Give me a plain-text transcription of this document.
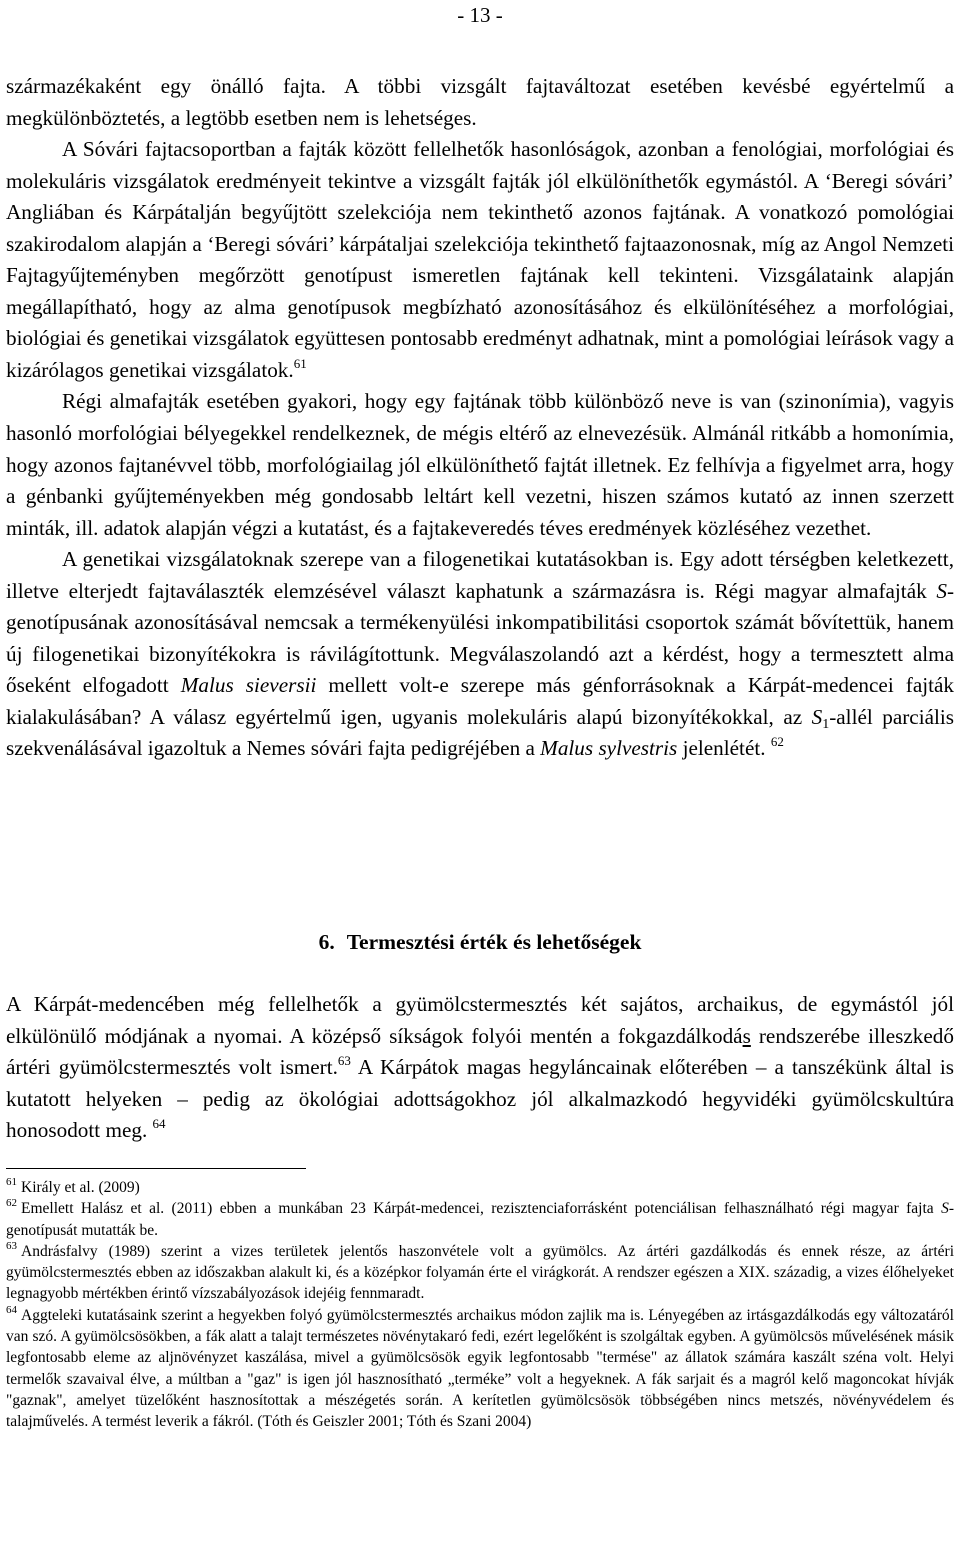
- 13 -

származékaként egy önálló fajta. A többi vizsgált fajtaváltozat esetében kevésbé egyértelmű a megkülönböztetés, a legtöbb esetben nem is lehetséges.

A Sóvári fajtacsoportban a fajták között fellelhetők hasonlóságok, azonban a fenológiai, morfológiai és molekuláris vizsgálatok eredményeit tekintve a vizsgált fajták jól elkülöníthetők egymástól. A ‘Beregi sóvári’ Angliában és Kárpátalján begyűjtött szelekciója nem tekinthető azonos fajtának. A vonatkozó pomológiai szakirodalom alapján a ‘Beregi sóvári’ kárpátaljai szelekciója tekinthető fajtaazonosnak, míg az Angol Nemzeti Fajtagyűjteményben megőrzött genotípust ismeretlen fajtának kell tekinteni. Vizsgálataink alapján megállapítható, hogy az alma genotípusok megbízható azonosításához és elkülönítéséhez a morfológiai, biológiai és genetikai vizsgálatok együttesen pontosabb eredményt adhatnak, mint a pomológiai leírások vagy a kizárólagos genetikai vizsgálatok.$^{61}$

Régi almafajták esetében gyakori, hogy egy fajtának több különböző neve is van (szinonímia), vagyis hasonló morfológiai bélyegekkel rendelkeznek, de mégis eltérő az elnevezésük. Almánál ritkább a homonímia, hogy azonos fajtanévvel több, morfológiailag jól elkülöníthető fajtát illetnek. Ez felhívja a figyelmet arra, hogy a génbanki gyűjteményekben még gondosabb leltárt kell vezetni, hiszen számos kutató az innen szerzett minták, ill. adatok alapján végzi a kutatást, és a fajtakeveredés téves eredmények közléséhez vezethet.

A genetikai vizsgálatoknak szerepe van a filogenetikai kutatásokban is. Egy adott térségben keletkezett, illetve elterjedt fajtaválaszték elemzésével választ kaphatunk a származásra is. Régi magyar almafajták S-genotípusának azonosításával nemcsak a termékenyülési inkompatibilitási csoportok számát bővítettük, hanem új filogenetikai bizonyítékokra is rávilágítottunk. Megválaszolandó azt a kérdést, hogy a termesztett alma őseként elfogadott Malus sieversii mellett volt-e szerepe más génforrásoknak a Kárpát-medencei fajták kialakulásában? A válasz egyértelmű igen, ugyanis molekuláris alapú bizonyítékokkal, az $S_1$-allél parciális szekvenálásával igazoltuk a Nemes sóvári fajta pedigréjében a Malus sylvestris jelenlétét. $^{62}$

6. Termesztési érték és lehetőségek

A Kárpát-medencében még fellelhetők a gyümölcstermesztés két sajátos, archaikus, de egymástól jól elkülönülő módjának a nyomai. A középső síkságok folyói mentén a fokgazdálkodás rendszerébe illeszkedő ártéri gyümölcstermesztés volt ismert.$^{63}$ A Kárpátok magas hegyláncainak előterében – a tanszékünk által is kutatott helyeken – pedig az ökológiai adottságokhoz jól alkalmazkodó hegyvidéki gyümölcskultúra honosodott meg. $^{64}$

$^{61}$ Király et al. (2009)

$^{62}$ Emellett Halász et al. (2011) ebben a munkában 23 Kárpát-medencei, rezisztenciaforrásként potenciálisan felhasználható régi magyar fajta S-genotípusát mutatták be.

$^{63}$ Andrásfalvy (1989) szerint a vizes területek jelentős haszonvétele volt a gyümölcs. Az ártéri gazdálkodás és ennek része, az ártéri gyümölcstermesztés ebben az időszakban alakult ki, és a középkor folyamán érte el virágkorát. A rendszer egészen a XIX. századig, a vizes élőhelyeket legnagyobb mértékben érintő vízszabályozások idejéig fennmaradt.

$^{64}$ Aggteleki kutatásaink szerint a hegyekben folyó gyümölcstermesztés archaikus módon zajlik ma is. Lényegében az irtásgazdálkodás egy változatáról van szó. A gyümölcsösökben, a fák alatt a talajt természetes növénytakaró fedi, ezért legelőként is szolgáltak egyben. A gyümölcsös művelésének másik legfontosabb eleme az aljnövényzet kaszálása, mivel a gyümölcsösök egyik legfontosabb "termése" az állatok számára kaszált széna volt. Helyi termelők szavaival élve, a múltban a "gaz" is igen jól hasznosítható „terméke” volt a hegyeknek. A fák sarjait és a magról kelő magoncokat hívják "gaznak", amelyet tüzelőként hasznosítottak a mészégetés során. A kerítetlen gyümölcsösök többségében nincs metszés, növényvédelem és talajművelés. A termést leverik a fákról. (Tóth és Geiszler 2001; Tóth és Szani 2004)
